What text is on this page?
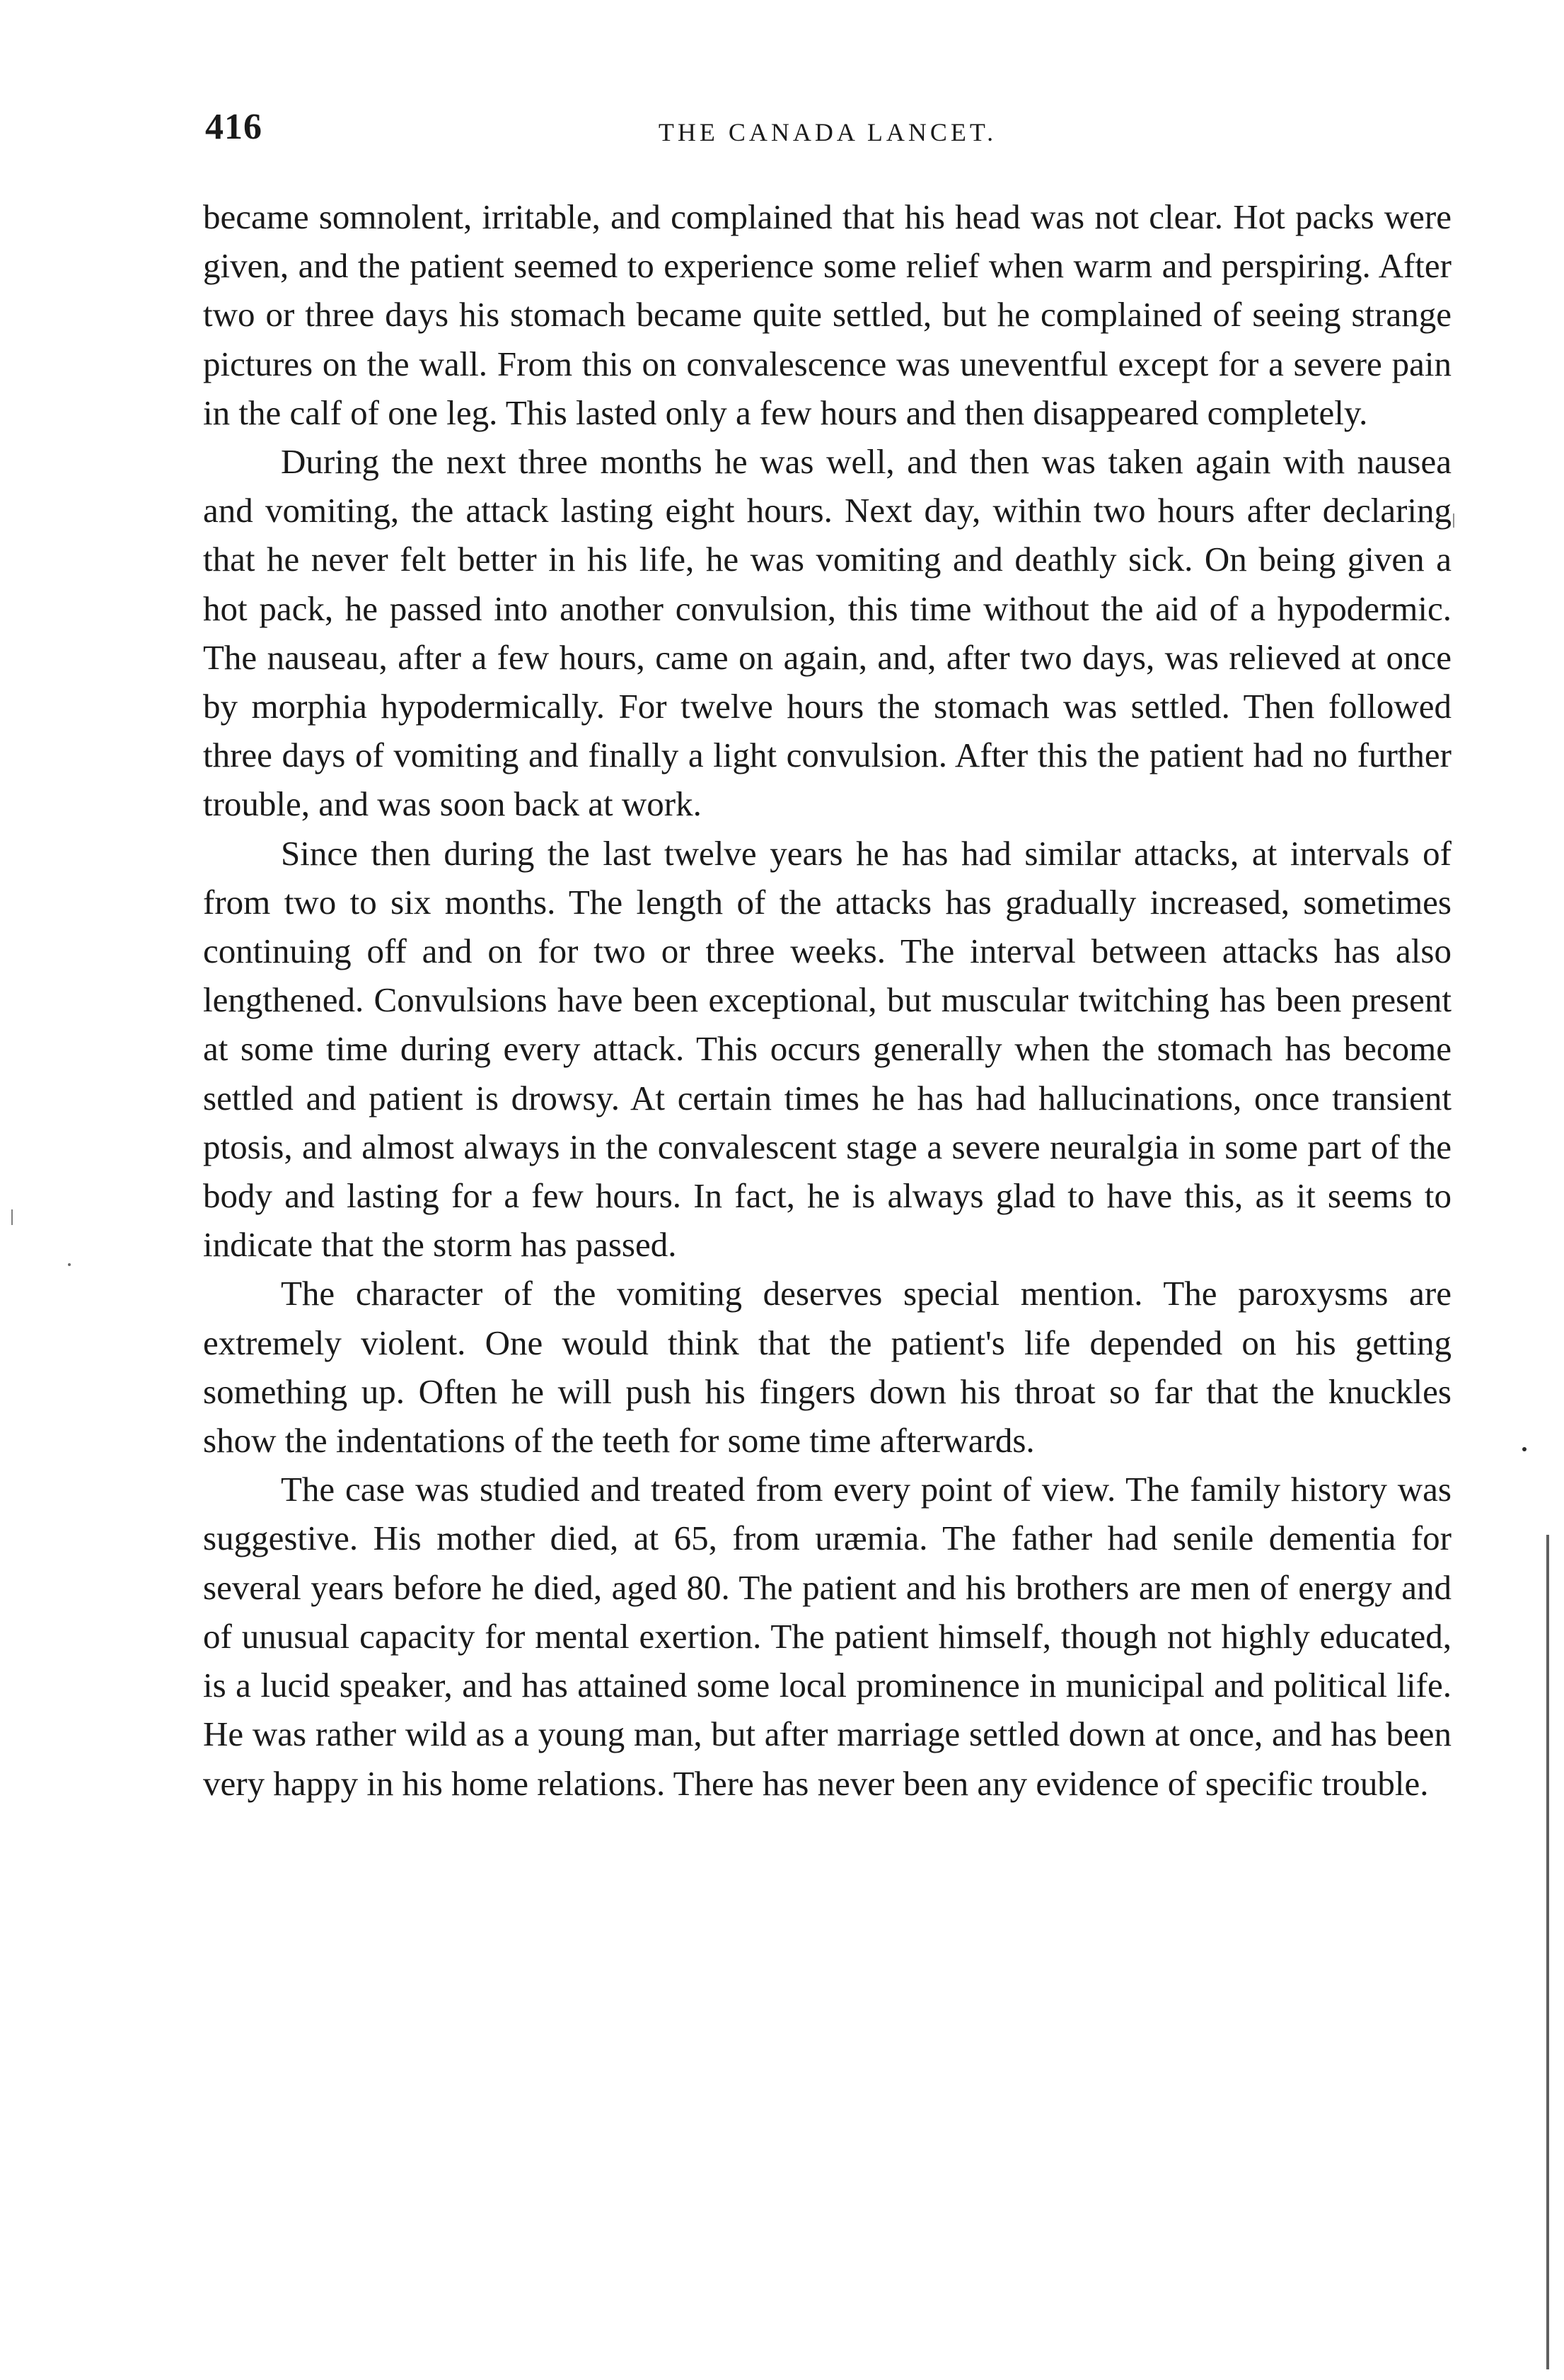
416	THE CANADA LANCET.

became somnolent, irritable, and complained that his head was not clear. Hot packs were given, and the patient seemed to experience some relief when warm and perspiring. After two or three days his stomach became quite settled, but he complained of seeing strange pictures on the wall. From this on convalescence was uneventful except for a severe pain in the calf of one leg. This lasted only a few hours and then disappeared completely.

During the next three months he was well, and then was taken again with nausea and vomiting, the attack lasting eight hours. Next day, within two hours after declaring that he never felt better in his life, he was vomiting and deathly sick. On being given a hot pack, he passed into another convulsion, this time without the aid of a hypodermic. The nauseau, after a few hours, came on again, and, after two days, was relieved at once by morphia hypodermically. For twelve hours the stomach was settled. Then followed three days of vomiting and finally a light convulsion. After this the patient had no further trouble, and was soon back at work.

Since then during the last twelve years he has had similar attacks, at intervals of from two to six months. The length of the attacks has gradually increased, sometimes continuing off and on for two or three weeks. The interval between attacks has also lengthened. Convulsions have been exceptional, but muscular twitching has been present at some time during every attack. This occurs generally when the stomach has become settled and patient is drowsy. At certain times he has had hallucinations, once transient ptosis, and almost always in the convalescent stage a severe neuralgia in some part of the body and lasting for a few hours. In fact, he is always glad to have this, as it seems to indicate that the storm has passed.

The character of the vomiting deserves special mention. The paroxysms are extremely violent. One would think that the patient's life depended on his getting something up. Often he will push his fingers down his throat so far that the knuckles show the indentations of the teeth for some time afterwards.

The case was studied and treated from every point of view. The family history was suggestive. His mother died, at 65, from uræmia. The father had senile dementia for several years before he died, aged 80. The patient and his brothers are men of energy and of unusual capacity for mental exertion. The patient himself, though not highly educated, is a lucid speaker, and has attained some local prominence in municipal and political life. He was rather wild as a young man, but after marriage settled down at once, and has been very happy in his home relations. There has never been any evidence of specific trouble.
